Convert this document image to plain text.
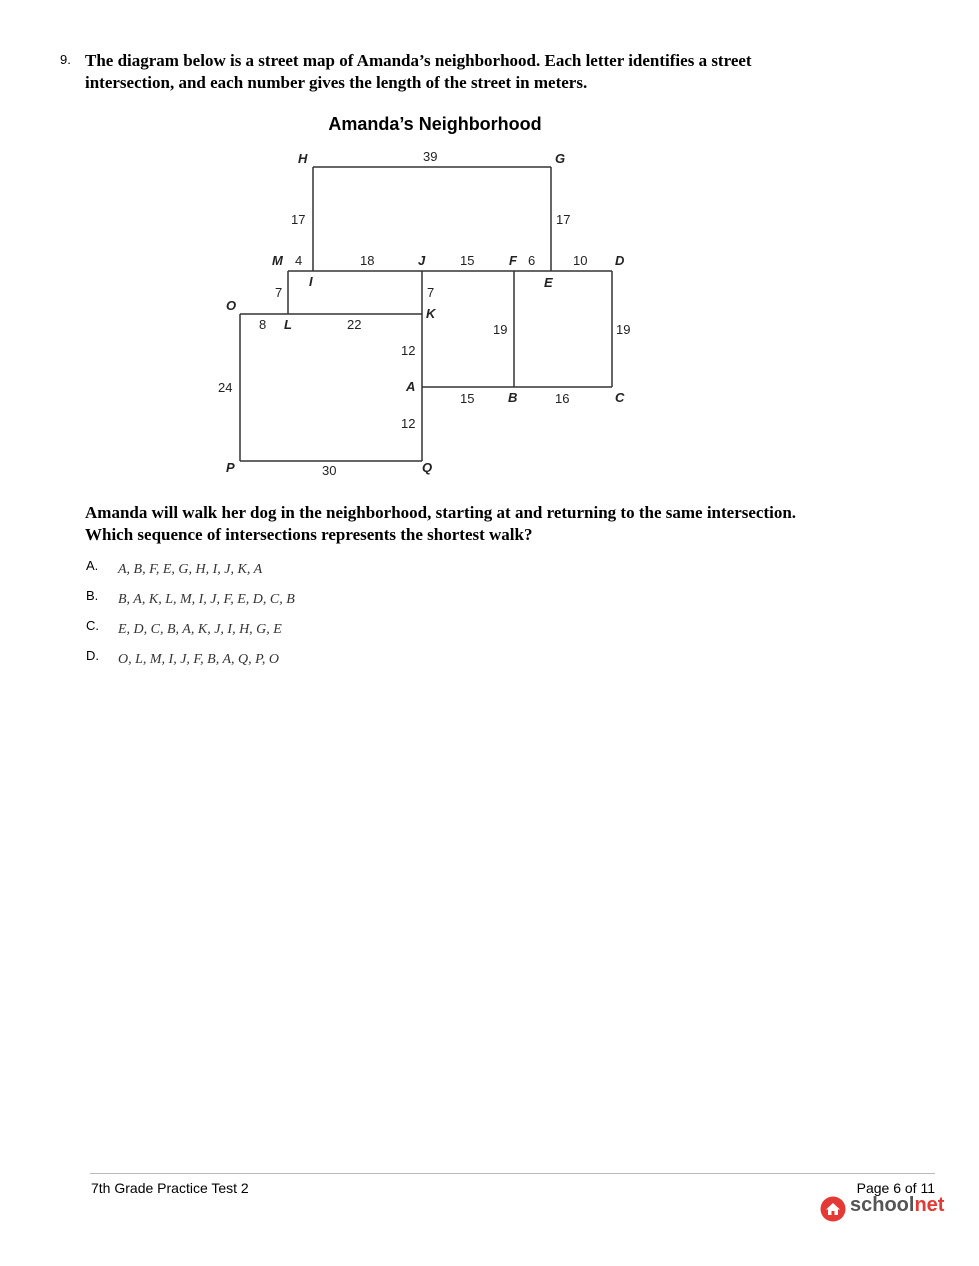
9. The diagram below is a street map of Amanda’s neighborhood. Each letter identifies a street intersection, and each number gives the length of the street in meters.
Amanda’s Neighborhood
H	G
M
I
J	F
E
D
O
L
K
A
B	C
P	Q
39
17	17
4	18	15	6	10
7	7
8	22	19	19
12
24
15	16
12
30
Amanda will walk her dog in the neighborhood, starting at and returning to the same intersection. Which sequence of intersections represents the shortest walk?
A. A, B, F, E, G, H, I, J, K, A
B. B, A, K, L, M, I, J, F, E, D, C, B
C. E, D, C, B, A, K, J, I, H, G, E
D. O, L, M, I, J, F, B, A, Q, P, O
7th Grade Practice Test 2	Page 6 of 11
schoolnet
